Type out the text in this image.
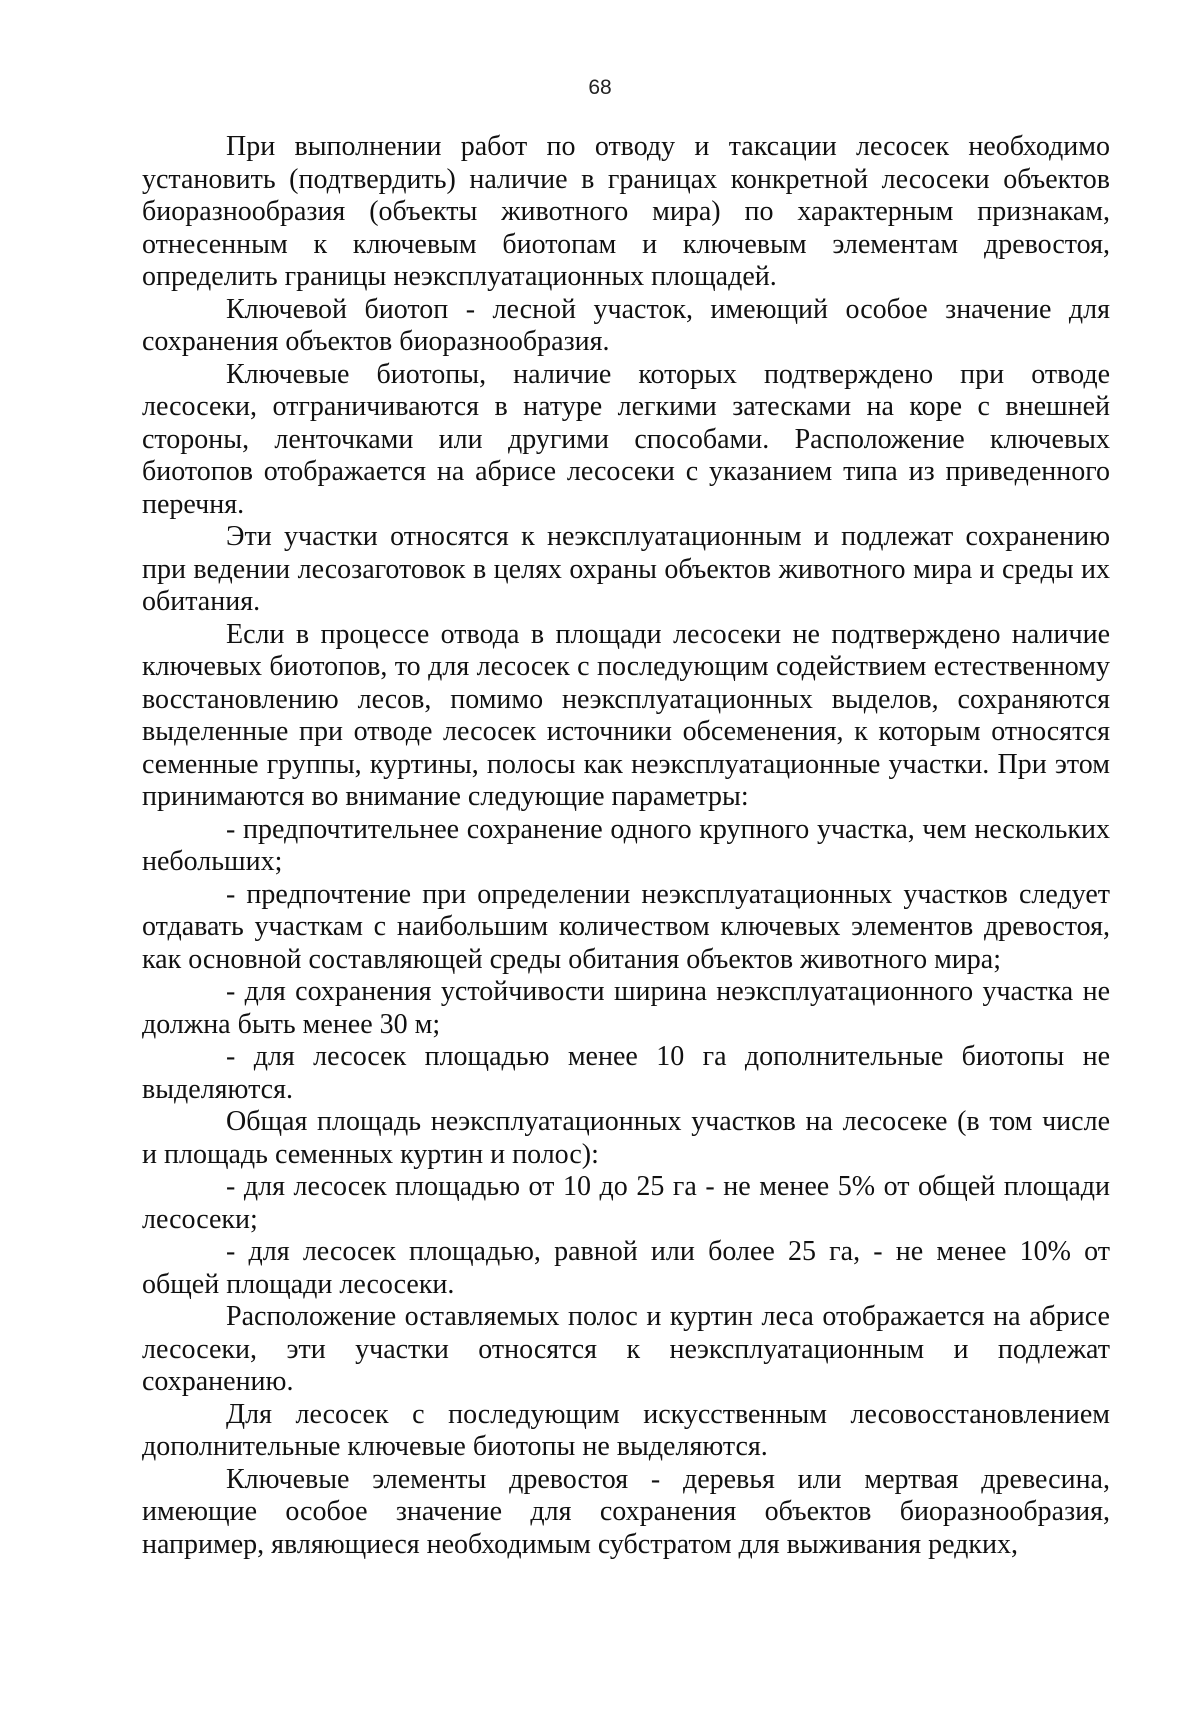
68

При выполнении работ по отводу и таксации лесосек необходимо установить (подтвердить) наличие в границах конкретной лесосеки объектов биоразнообразия (объекты животного мира) по характерным признакам, отнесенным к ключевым биотопам и ключевым элементам древостоя, определить границы неэксплуатационных площадей.

Ключевой биотоп - лесной участок, имеющий особое значение для сохранения объектов биоразнообразия.

Ключевые биотопы, наличие которых подтверждено при отводе лесосеки, отграничиваются в натуре легкими затесками на коре с внешней стороны, ленточками или другими способами. Расположение ключевых биотопов отображается на абрисе лесосеки с указанием типа из приведенного перечня.

Эти участки относятся к неэксплуатационным и подлежат сохранению при ведении лесозаготовок в целях охраны объектов животного мира и среды их обитания.

Если в процессе отвода в площади лесосеки не подтверждено наличие ключевых биотопов, то для лесосек с последующим содействием естественному восстановлению лесов, помимо неэксплуатационных выделов, сохраняются выделенные при отводе лесосек источники обсеменения, к которым относятся семенные группы, куртины, полосы как неэксплуатационные участки. При этом принимаются во внимание следующие параметры:

- предпочтительнее сохранение одного крупного участка, чем нескольких небольших;

- предпочтение при определении неэксплуатационных участков следует отдавать участкам с наибольшим количеством ключевых элементов древостоя, как основной составляющей среды обитания объектов животного мира;

- для сохранения устойчивости ширина неэксплуатационного участка не должна быть менее 30 м;

- для лесосек площадью менее 10 га дополнительные биотопы не выделяются.

Общая площадь неэксплуатационных участков на лесосеке (в том числе и площадь семенных куртин и полос):

- для лесосек площадью от 10 до 25 га - не менее 5% от общей площади лесосеки;

- для лесосек площадью, равной или более 25 га, - не менее 10% от общей площади лесосеки.

Расположение оставляемых полос и куртин леса отображается на абрисе лесосеки, эти участки относятся к неэксплуатационным и подлежат сохранению.

Для лесосек с последующим искусственным лесовосстановлением дополнительные ключевые биотопы не выделяются.

Ключевые элементы древостоя - деревья или мертвая древесина, имеющие особое значение для сохранения объектов биоразнообразия, например, являющиеся необходимым субстратом для выживания редких,
